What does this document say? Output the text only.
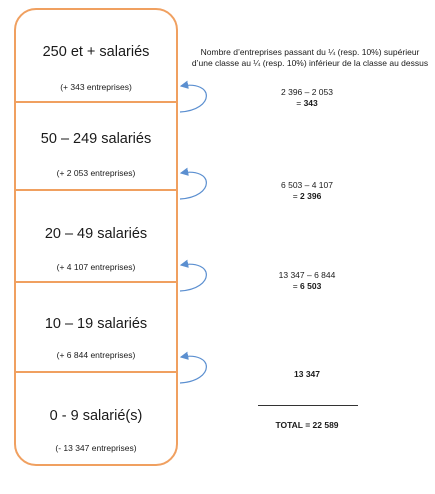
250 et + salariés
(+ 343 entreprises)
50 – 249 salariés
(+ 2 053 entreprises)
20 – 49 salariés
(+ 4 107 entreprises)
10 – 19 salariés
(+ 6 844 entreprises)
0 - 9 salarié(s)
(- 13 347 entreprises)
Nombre d’entreprises passant du ¼ (resp. 10%) supérieur
d’une classe au ¼ (resp. 10%) inférieur de la classe au dessus
2 396 – 2 053
= 343
6 503 – 4 107
= 2 396
13 347 – 6 844
= 6 503
13 347
TOTAL = 22 589
